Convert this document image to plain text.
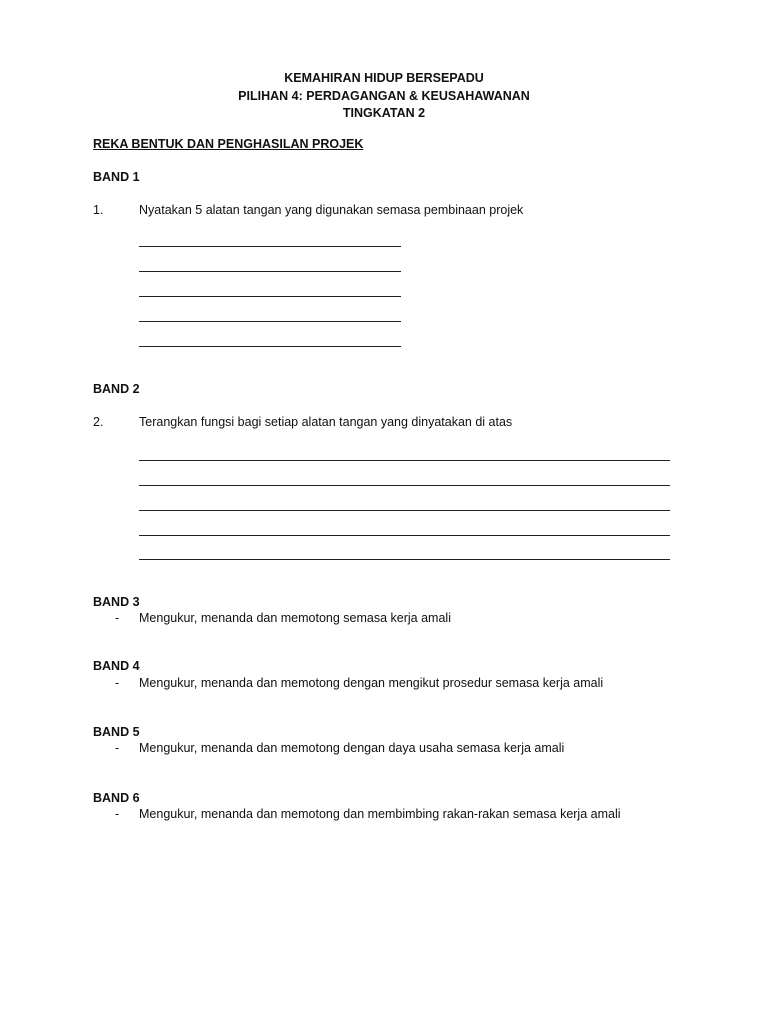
KEMAHIRAN HIDUP BERSEPADU
PILIHAN 4: PERDAGANGAN & KEUSAHAWANAN
TINGKATAN 2
REKA BENTUK DAN PENGHASILAN PROJEK
BAND 1
1.	Nyatakan 5 alatan tangan yang digunakan semasa pembinaan projek
BAND 2
2.	Terangkan fungsi bagi setiap alatan tangan yang dinyatakan di atas
BAND 3
- Mengukur, menanda dan memotong semasa kerja amali
BAND 4
- Mengukur, menanda dan memotong dengan mengikut prosedur semasa kerja amali
BAND 5
- Mengukur, menanda dan memotong dengan daya usaha semasa kerja amali
BAND 6
- Mengukur, menanda dan memotong dan membimbing rakan-rakan semasa kerja amali
